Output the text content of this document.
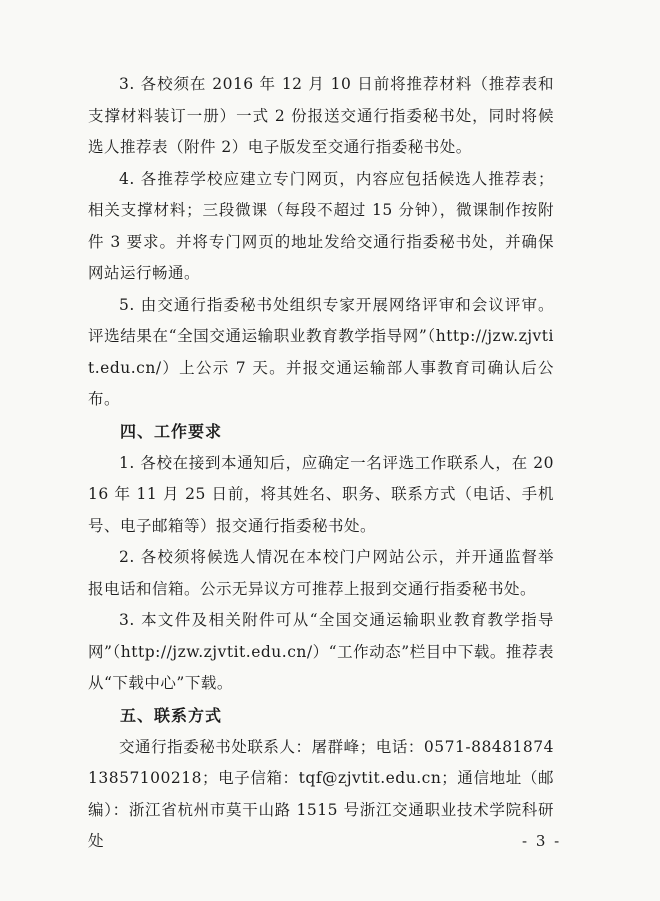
3. 各校须在 2016 年 12 月 10 日前将推荐材料（推荐表和支撑材料装订一册）一式 2 份报送交通行指委秘书处，同时将候选人推荐表（附件 2）电子版发至交通行指委秘书处。

4. 各推荐学校应建立专门网页，内容应包括候选人推荐表；相关支撑材料；三段微课（每段不超过 15 分钟），微课制作按附件 3 要求。并将专门网页的地址发给交通行指委秘书处，并确保网站运行畅通。

5. 由交通行指委秘书处组织专家开展网络评审和会议评审。评选结果在“全国交通运输职业教育教学指导网”（http://jzw.zjvtit.edu.cn/）上公示 7 天。并报交通运输部人事教育司确认后公布。

四、工作要求

1. 各校在接到本通知后，应确定一名评选工作联系人，在 2016 年 11 月 25 日前，将其姓名、职务、联系方式（电话、手机号、电子邮箱等）报交通行指委秘书处。

2. 各校须将候选人情况在本校门户网站公示，并开通监督举报电话和信箱。公示无异议方可推荐上报到交通行指委秘书处。

3. 本文件及相关附件可从“全国交通运输职业教育教学指导网”（http://jzw.zjvtit.edu.cn/）“工作动态”栏目中下载。推荐表从“下载中心”下载。

五、联系方式

交通行指委秘书处联系人：屠群峰；电话：0571-88481874 13857100218；电子信箱：tqf@zjvtit.edu.cn；通信地址（邮编）：浙江省杭州市莫干山路 1515 号浙江交通职业技术学院科研处	- 3 -
